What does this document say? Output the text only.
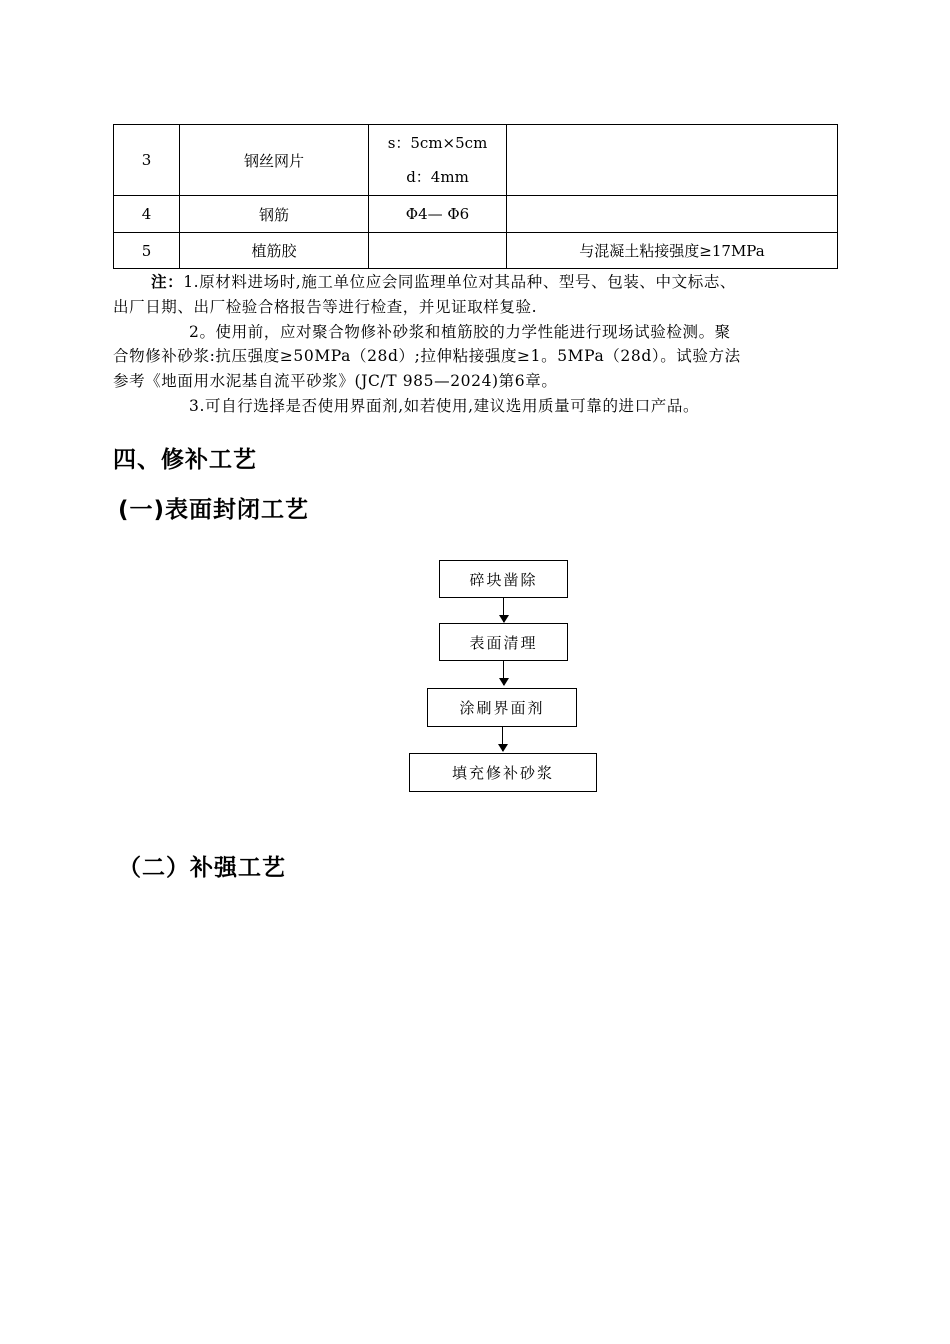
3	钢丝网片	s：5cm×5cm
d：4mm	

4	钢筋	Φ4— Φ6	
5	植筋胶		与混凝土粘接强度≥17MPa
注：1.原材料进场时,施工单位应会同监理单位对其品种、型号、包装、中文标志、
出厂日期、出厂检验合格报告等进行检查，并见证取样复验.
2。使用前，应对聚合物修补砂浆和植筋胶的力学性能进行现场试验检测。聚
合物修补砂浆:抗压强度≥50MPa（28d）;拉伸粘接强度≥1。5MPa（28d）。试验方法
参考《地面用水泥基自流平砂浆》(JC/T 985—2024)第6章。
3.可自行选择是否使用界面剂,如若使用,建议选用质量可靠的进口产品。
四、修补工艺
(一)表面封闭工艺
碎块凿除
表面清理
涂刷界面剂
填充修补砂浆
（二）补强工艺
